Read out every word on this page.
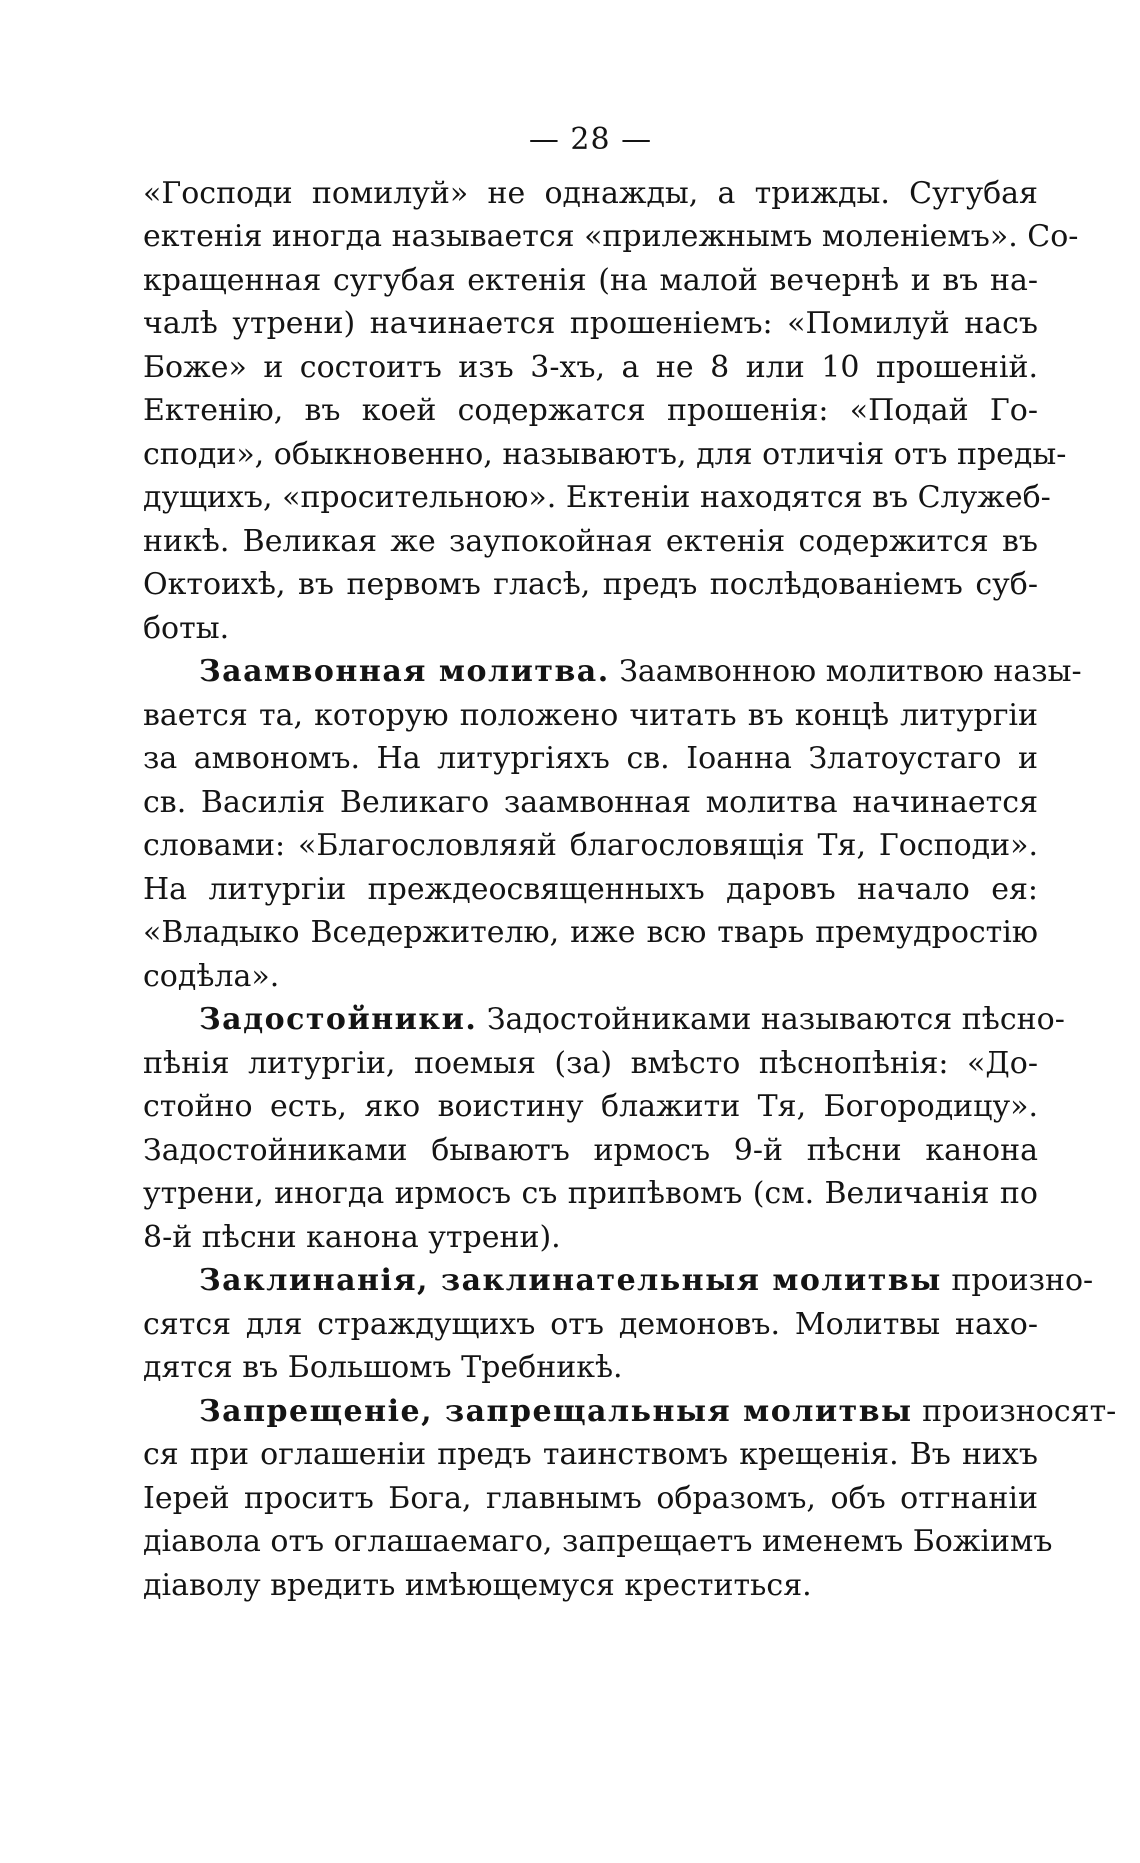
— 28 —

«Господи помилуй» не однажды, а трижды. Сугубая
ектенія иногда называется «прилежнымъ моленіемъ». Со-
кращенная сугубая ектенія (на малой вечернѣ и въ на-
чалѣ утрени) начинается прошеніемъ: «Помилуй насъ
Боже» и состоитъ изъ 3-хъ, а не 8 или 10 прошеній.
Ектенію, въ коей содержатся прошенія: «Подай Го-
споди», обыкновенно, называютъ, для отличія отъ преды-
дущихъ, «просительною». Ектеніи находятся въ Служеб-
никѣ. Великая же заупокойная ектенія содержится въ
Октоихѣ, въ первомъ гласѣ, предъ послѣдованіемъ суб-
боты.

Заамвонная молитва. Заамвонною молитвою назы-
вается та, которую положено читать въ концѣ литургіи
за амвономъ. На литургіяхъ св. Іоанна Златоустаго и
св. Василія Великаго заамвонная молитва начинается
словами: «Благословляяй благословящія Тя, Господи».
На литургіи преждеосвященныхъ даровъ начало ея:
«Владыко Вседержителю, иже всю тварь премудростію
содѣла».

Задостойники. Задостойниками называются пѣсно-
пѣнія литургіи, поемыя (за) вмѣсто пѣснопѣнія: «До-
стойно есть, яко воистину блажити Тя, Богородицу».
Задостойниками бываютъ ирмосъ 9-й пѣсни канона
утрени, иногда ирмосъ съ припѣвомъ (см. Величанія по
8-й пѣсни канона утрени).

Заклинанія, заклинательныя молитвы произно-
сятся для страждущихъ отъ демоновъ. Молитвы нахо-
дятся въ Большомъ Требникѣ.

Запрещеніе, запрещальныя молитвы произносят-
ся при оглашеніи предъ таинствомъ крещенія. Въ нихъ
Іерей проситъ Бога, главнымъ образомъ, объ отгнаніи
діавола отъ оглашаемаго, запрещаетъ именемъ Божіимъ
діаволу вредить имѣющемуся креститься.
